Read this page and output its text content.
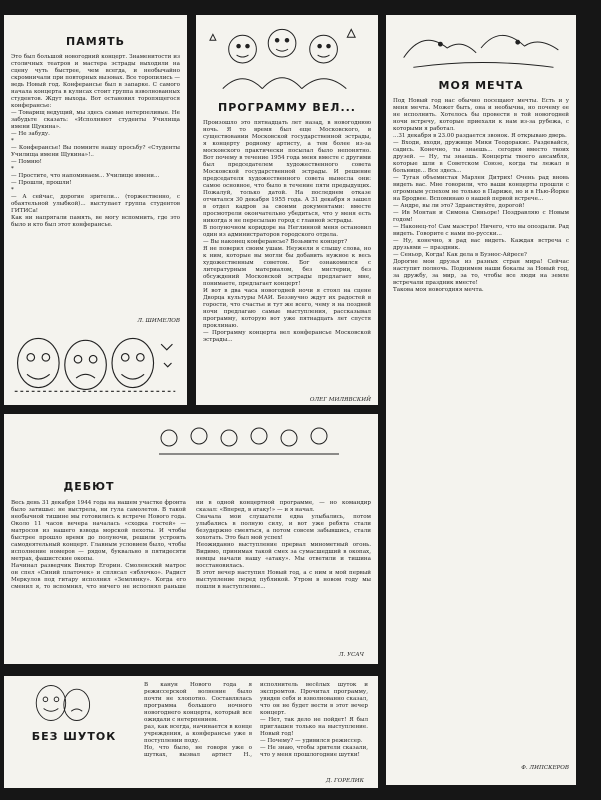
ПАМЯТЬ

Это был большой новогодний концерт. Знаменитости из столичных театров и мастера эстрады выходили на сцену чуть быстрее, чем всегда, и необычайно скромничали при повторных вызовах. Все торопились — ведь Новый год. Конферансье был в запарке. С самого начала концерта в кулисах стоит группа взволнованных студентов. Ждут выхода. Вот остановил торопящегося конферансье:
— Товарищ ведущий, мы здесь самые нетерпеливые. Не забудьте сказать: «Исполняют студенты Училища имени Щукина».
— Не забуду.
*
— Конферансье! Вы помните нашу просьбу? «Студенты Училища имени Щукина»!..
— Помню!
*
— Простите, что напоминаем... Училище имени...
— Прошли, прошли!
*
— А сейчас, дорогие зрители... (торжественно, с обаятельной улыбкой)... выступает группа студентов ГИТИСа!
Как ни напрягали память, ве могу вспомнить, где это было и кто был этот конферансье.

Л. ШИМЕЛОВ

ПРОГРАММУ ВЕЛ...

Произошло это пятнадцать лет назад, в новогоднюю ночь. Я то время был еще Московского, в существовании Московской государственной эстрады, я концерту родному артисту, а тем более из-за московского практически посылал было непонятно. Вот почему в течение 1954 года меня вместе с другими был председателем художественного совета Московской государственной эстрады. И решение председателя художественного совета вынесла они: самое основное, что было в течение пяти предыдущих. Пожалуй, только датой. На последнем отказе отчитался 30 декабря 1955 года. А 31 декабря я зашел в отдел кадров за своими документами: вместе просмотрели окончательно убедиться, что у меня есть никогда я не пересылаю город с главной эстрады.
В полуночном коридоре на Неглинной меня остановил один из администраторов городского отдела.
— Вы наконец конферансье? Возьмите концерт?
Я не поверил своим ушам. Неужели я слышу слова, но к ним, которые вы могли бы добавить нужное к весь художественным советом. Бог ознакомился с литературным материалом, без мистерии, без обсуждений Московской эстрады предлагает мне, понимаете, предлагает концерт!
И вот в два часа новогодней ночи я стоял на сцене Дворца культуры МАИ. Беззвучно ждут их радостей в горости, что счастье и тут же всего, чему я на поздней ночи предлагаю самые выступления, рассказывал программу, которую вот уже пятнадцать лет спустя проклинаю.
— Программу концерта вел конферансье Московской эстрады...

ОЛЕГ МИЛЯВСКИЙ

МОЯ МЕЧТА

Под Новый год нас обычно посещают мечты. Есть и у меня мечта. Может быть, она и необычна, но почему ее не исполнить. Хотелось бы провести в той новогодней ночи встречу, которые приехали к нам из-за рубежа, с которыми я работал.
...31 декабря в 23.00 раздается звонок. Я открываю дверь.
— Входи, входи, дружище Мики Теодоракис. Раздевайся, садись. Конечно, ты знаешь... сегодня вместо твоих друзей. — Ну, ты знаешь. Концерты твоего ансамбля, которые шли в Советском Союзе, когда ты лежал в больнице... Все здесь...
— Тугая объемистая Марлен Дитрих! Очень рад вновь видеть вас. Мне говорили, что ваши концерты прошли с огромным успехом не только в Париже, но и в Нью-Йорке на Бродвее. Вспоминаю о нашей первой встрече...
— Андре, вы ли это? Здравствуйте, дорогой!
— Ив Монтан и Симона Синьоре! Поздравляю с Новым годом!
— Наконец-то! Сам маэстро! Ничего, что вы опоздали. Рад видеть. Говорите с нами по-русски...
— Ну, конечно, я рад вас видеть. Каждая встреча с друзьями — праздник.
— Сеньор, Когда! Как дела в Буэнос-Айресе?
Дорогие мои друзья из разных стран мира! Сейчас наступит полночь. Поднимем наши бокалы за Новый год, за дружбу, за мир, за то, чтобы все люди на земле встречали праздник вместе!
Такова моя новогодняя мечта.

Ф. ЛИПСКЕРОВ

ДЕБЮТ

Весь день 31 декабря 1944 года на нашем участке фронта было затишье: не выстрела, ни гула самолетов. В такой необычной тишине мы готовились к встрече Нового года. Около 11 часов вечера началась «сходка гостей» — матросов из нашего взвода морской пехоты. И чтобы быстрее прошло время до полуночи, решили устроить самодеятельный концерт. Главным условием было, чтобы исполнение номеров — рядом, буквально в пятидесяти метрах, фашистские окопы.
Начинал разведчик Виктор Егорин. Смоленский матрос он спел «Синий платочек» и сплясал «яблочко». Радист Меркулов под гитару исполнил «Землянку». Когда его сменил я, то вспомнил, что ничего не исполнял раньше ни в одной концертной программе, — но командир сказал: «Вперед, в атаку!» — и я начал.
Сначала мои слушатели едва улыбались, потом улыбались в полную силу, и вот уже ребята стали безудержно смеяться, а потом совсем забывшись, стали хохотать. Это был мой успех!
Неожиданно выступление прервал минометный огонь. Видимо, принимая такой смех за сумасшедший в окопах, немцы начали нашу «атаку». Мы ответили и тишина восстановилась.
В этот вечер наступил Новый год, а с ним и мой первый выступление перед публикой. Утром в новом году мы пошли в наступление...

Л. УСАЧ

БЕЗ ШУТОК

В канун Нового года я режиссерской волнение было почти не хлопотно. Составлялась программа большого ночного новогоднего концерта, который все ожидали с нетерпением.
раз, как всегда, начинается в конце учреждения, а конферансье уже в поступлении поду.
Но, что было, не говоря уже о шутках, вызвал артист Н., исполнитель весёлых шуток и экспромтов. Прочитал программу, увидев себя и взволнованно сказал, что он не будет вести в этот вечер концерт.
— Нет, так дело не пойдет! Я был приглашен только на выступление. Новый год!
— Почему? — удивился режиссер.
— Не знаю, чтобы зрители сказали, что у меня прошлогодние шутки!

Д. ГОРЕЛИК
